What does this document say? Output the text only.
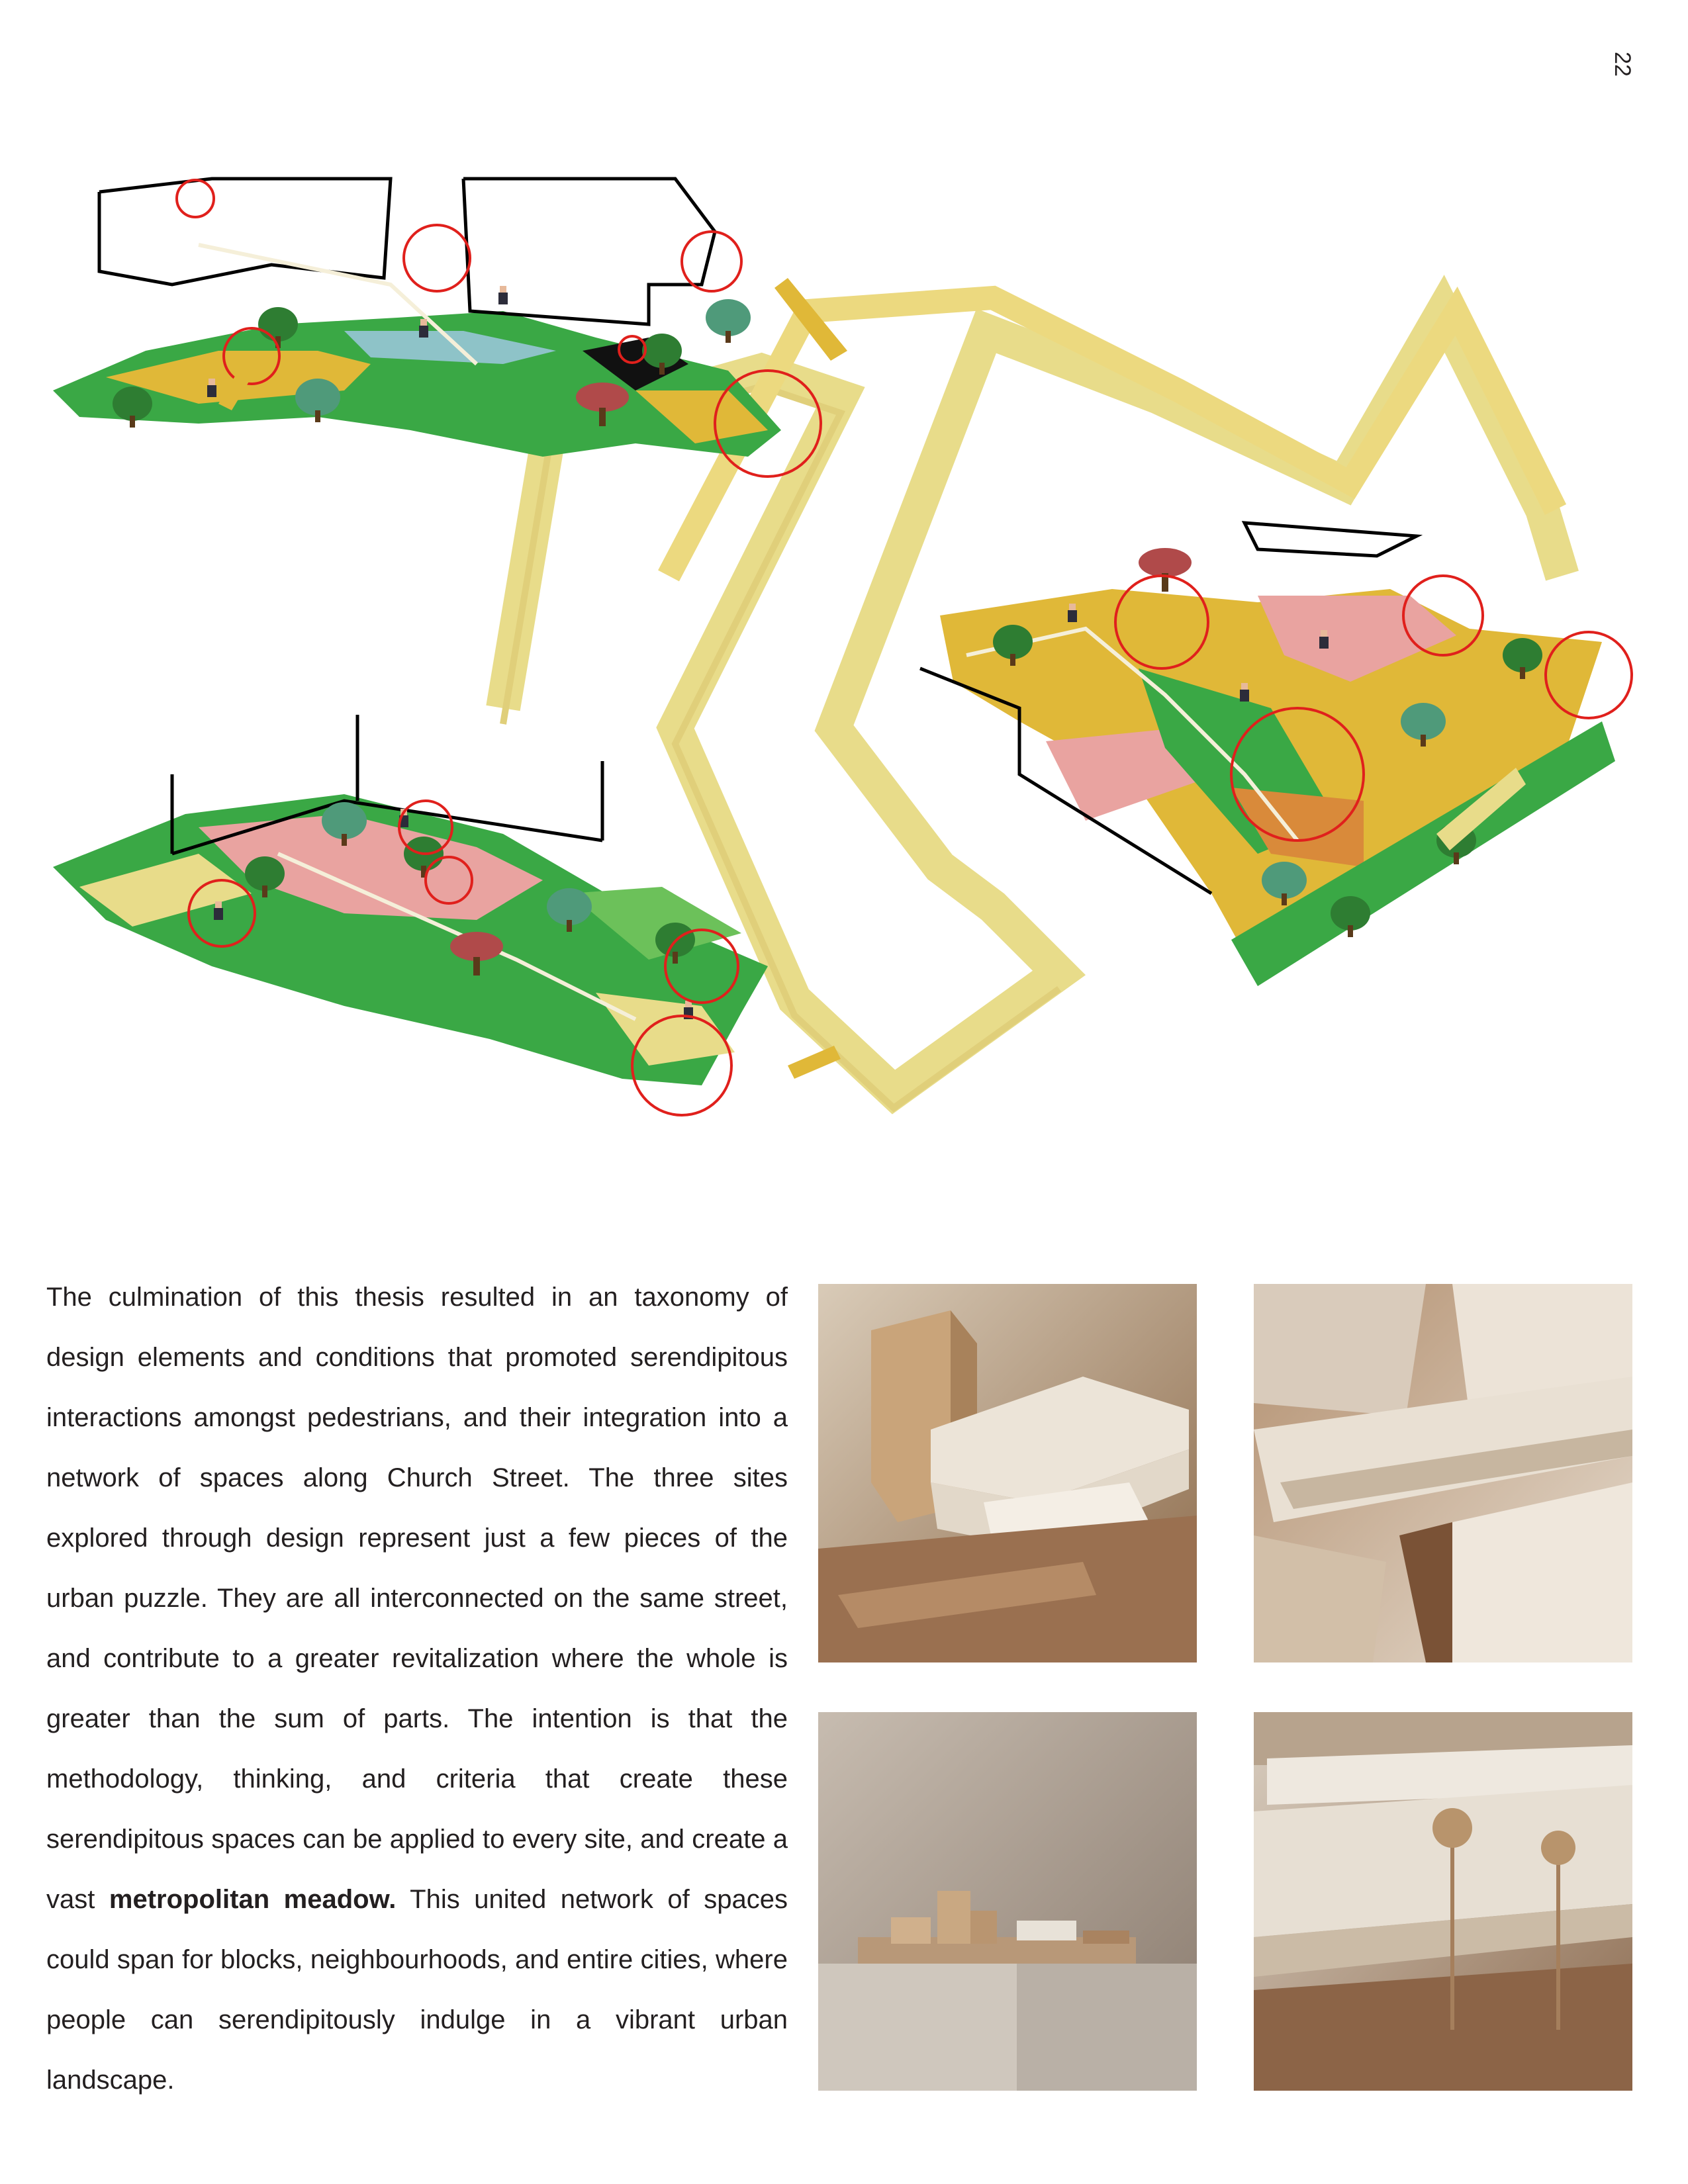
22

The culmination of this thesis resulted in an taxonomy of design elements and conditions that promoted serendipitous interactions amongst pedestrians, and their integration into a network of spaces along Church Street. The three sites explored through design represent just a few pieces of the urban puzzle. They are all interconnected on the same street, and contribute to a greater revitalization where the whole is greater than the sum of parts. The intention is that the methodology, thinking, and criteria that create these serendipitous spaces can be applied to every site, and create a vast metropolitan meadow. This united network of spaces could span for blocks, neighbourhoods, and entire cities, where people can serendipitously indulge in a vibrant urban landscape.
